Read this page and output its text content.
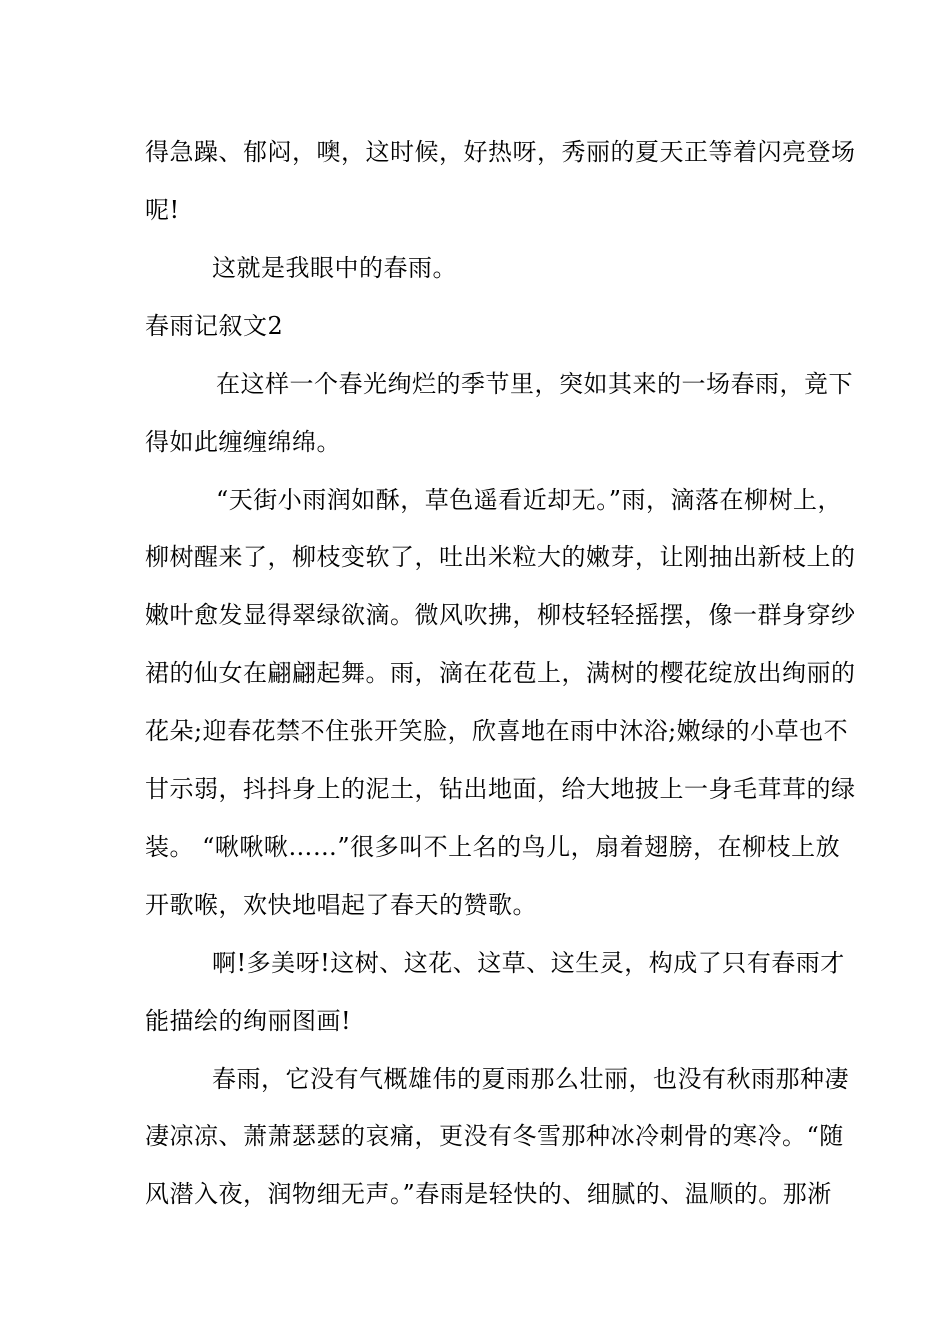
得急躁、郁闷，噢，这时候，好热呀，秀丽的夏天正等着闪亮登场
呢!
这就是我眼中的春雨。
春雨记叙文2
在这样一个春光绚烂的季节里，突如其来的一场春雨，竟下
得如此缠缠绵绵。
“天街小雨润如酥，草色遥看近却无。”雨，滴落在柳树上，
柳树醒来了，柳枝变软了，吐出米粒大的嫩芽，让刚抽出新枝上的
嫩叶愈发显得翠绿欲滴。微风吹拂，柳枝轻轻摇摆，像一群身穿纱
裙的仙女在翩翩起舞。雨，滴在花苞上，满树的樱花绽放出绚丽的
花朵;迎春花禁不住张开笑脸，欣喜地在雨中沐浴;嫩绿的小草也不
甘示弱，抖抖身上的泥土，钻出地面，给大地披上一身毛茸茸的绿
装。 “啾啾啾……”很多叫不上名的鸟儿，扇着翅膀，在柳枝上放
开歌喉，欢快地唱起了春天的赞歌。
啊!多美呀!这树、这花、这草、这生灵，构成了只有春雨才
能描绘的绚丽图画!
春雨，它没有气概雄伟的夏雨那么壮丽，也没有秋雨那种凄
凄凉凉、萧萧瑟瑟的哀痛，更没有冬雪那种冰冷刺骨的寒冷。“随
风潜入夜，润物细无声。”春雨是轻快的、细腻的、温顺的。那淅
